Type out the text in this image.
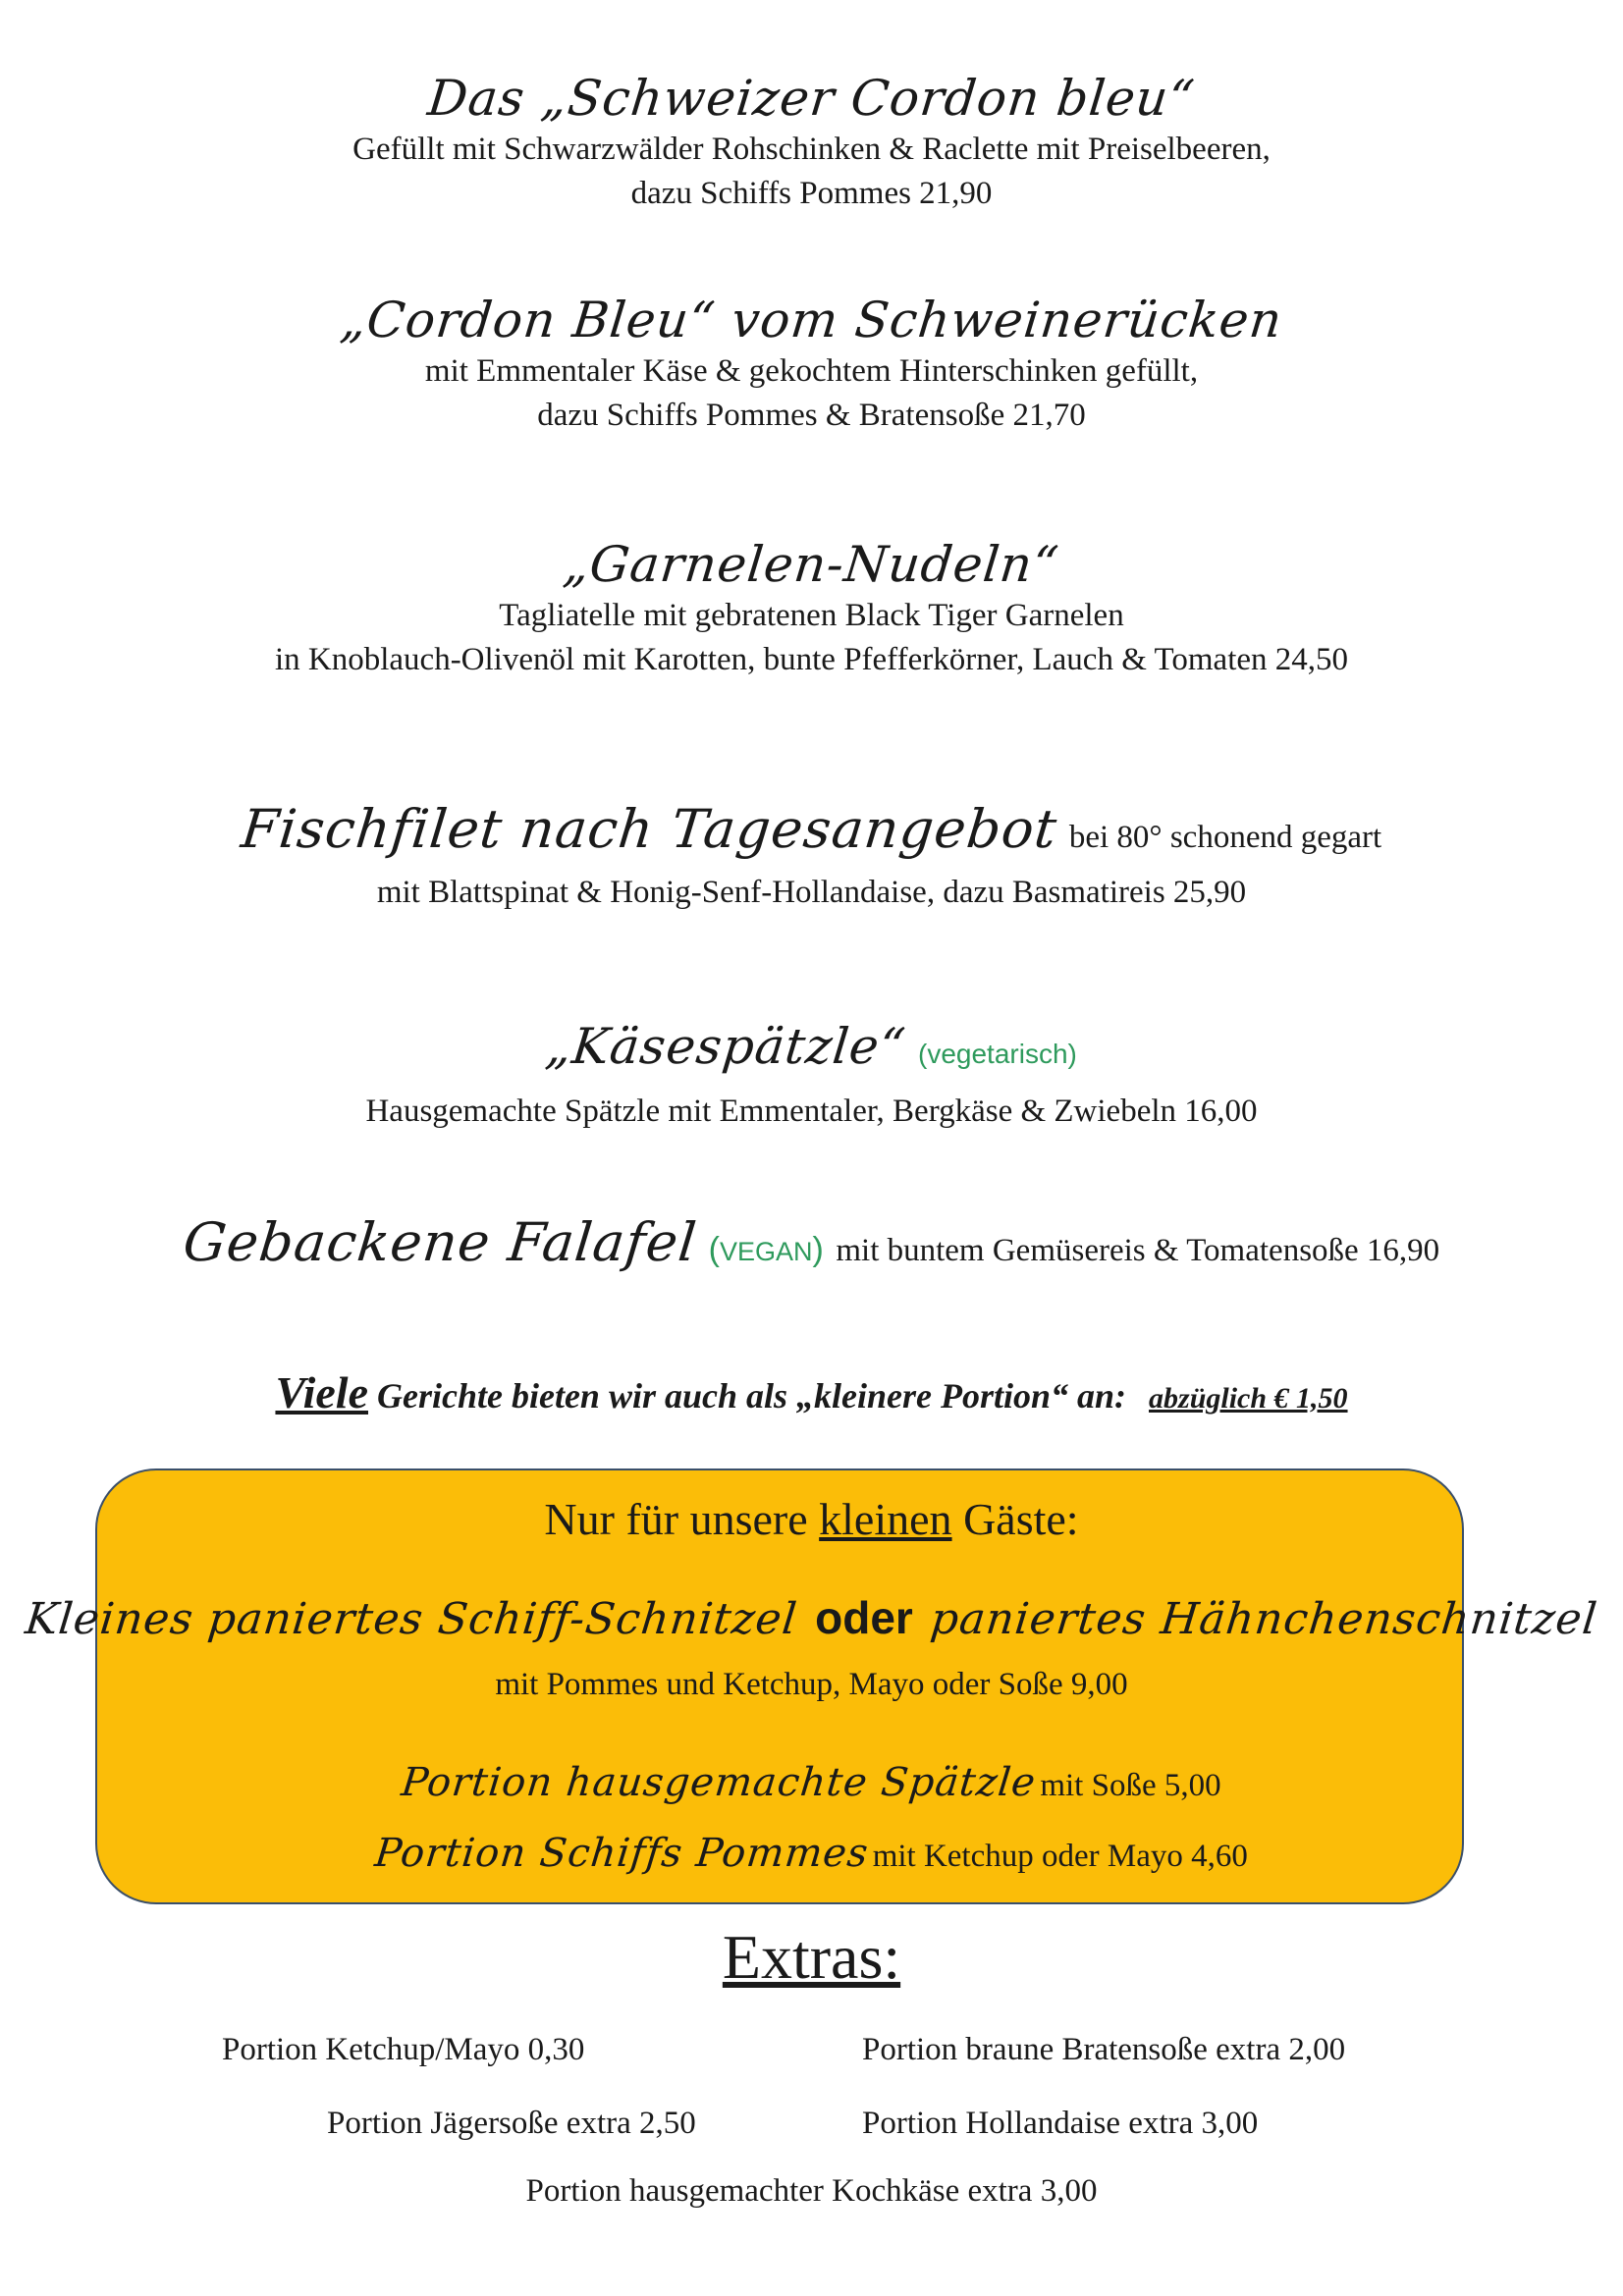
Das „Schweizer Cordon bleu“
Gefüllt mit Schwarzwälder Rohschinken & Raclette mit Preiselbeeren,
dazu Schiffs Pommes 21,90
„Cordon Bleu“ vom Schweinerücken
mit Emmentaler Käse & gekochtem Hinterschinken gefüllt,
dazu Schiffs Pommes & Bratensoße 21,70
„Garnelen-Nudeln“
Tagliatelle mit gebratenen Black Tiger Garnelen
in Knoblauch-Olivenöl mit Karotten, bunte Pfefferkörner, Lauch & Tomaten 24,50
Fischfilet nach Tagesangebot bei 80° schonend gegart
mit Blattspinat & Honig-Senf-Hollandaise, dazu Basmatireis 25,90
„Käsespätzle“ (vegetarisch)
Hausgemachte Spätzle mit Emmentaler, Bergkäse & Zwiebeln 16,00
Gebackene Falafel (VEGAN) mit buntem Gemüsereis & Tomatensoße 16,90
Viele Gerichte bieten wir auch als „kleinere Portion“ an: abzüglich € 1,50
Nur für unsere kleinen Gäste:
Kleines paniertes Schiff-Schnitzel oder paniertes Hähnchenschnitzel
mit Pommes und Ketchup, Mayo oder Soße 9,00
Portion hausgemachte Spätzle mit Soße 5,00
Portion Schiffs Pommes mit Ketchup oder Mayo 4,60
Extras:
Portion Ketchup/Mayo 0,30	Portion braune Bratensoße extra 2,00
Portion Jägersoße extra 2,50	Portion Hollandaise extra 3,00
Portion hausgemachter Kochkäse extra 3,00
